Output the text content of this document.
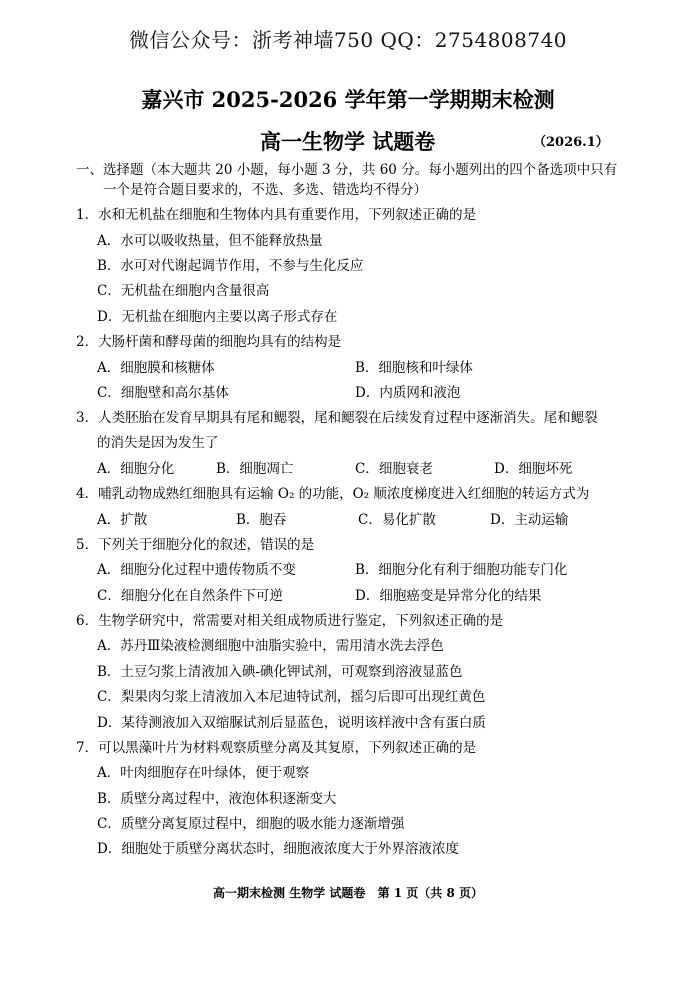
微信公众号：浙考神墙750 QQ：2754808740
嘉兴市 2025-2026 学年第一学期期末检测
高一生物学 试题卷	（2026.1）
一、选择题（本大题共 20 小题，每小题 3 分，共 60 分。每小题列出的四个备选项中只有
一个是符合题目要求的，不选、多选、错选均不得分）
1．水和无机盐在细胞和生物体内具有重要作用，下列叙述正确的是
A．水可以吸收热量，但不能释放热量
B．水可对代谢起调节作用，不参与生化反应
C．无机盐在细胞内含量很高
D．无机盐在细胞内主要以离子形式存在
2．大肠杆菌和酵母菌的细胞均具有的结构是
A．细胞膜和核糖体	B．细胞核和叶绿体
C．细胞壁和高尔基体	D．内质网和液泡
3．人类胚胎在发育早期具有尾和鳃裂，尾和鳃裂在后续发育过程中逐渐消失。尾和鳃裂
的消失是因为发生了
A．细胞分化	B．细胞凋亡	C．细胞衰老	D．细胞坏死
4．哺乳动物成熟红细胞具有运输 O₂ 的功能，O₂ 顺浓度梯度进入红细胞的转运方式为
A．扩散	B．胞吞	C．易化扩散	D．主动运输
5．下列关于细胞分化的叙述，错误的是
A．细胞分化过程中遗传物质不变	B．细胞分化有利于细胞功能专门化
C．细胞分化在自然条件下可逆	D．细胞癌变是异常分化的结果
6．生物学研究中，常需要对相关组成物质进行鉴定，下列叙述正确的是
A．苏丹Ⅲ染液检测细胞中油脂实验中，需用清水洗去浮色
B．土豆匀浆上清液加入碘-碘化钾试剂，可观察到溶液显蓝色
C．梨果肉匀浆上清液加入本尼迪特试剂，摇匀后即可出现红黄色
D．某待测液加入双缩脲试剂后显蓝色，说明该样液中含有蛋白质
7．可以黑藻叶片为材料观察质壁分离及其复原，下列叙述正确的是
A．叶肉细胞存在叶绿体，便于观察
B．质壁分离过程中，液泡体积逐渐变大
C．质壁分离复原过程中，细胞的吸水能力逐渐增强
D．细胞处于质壁分离状态时，细胞液浓度大于外界溶液浓度
高一期末检测 生物学 试题卷 第 1 页（共 8 页）
